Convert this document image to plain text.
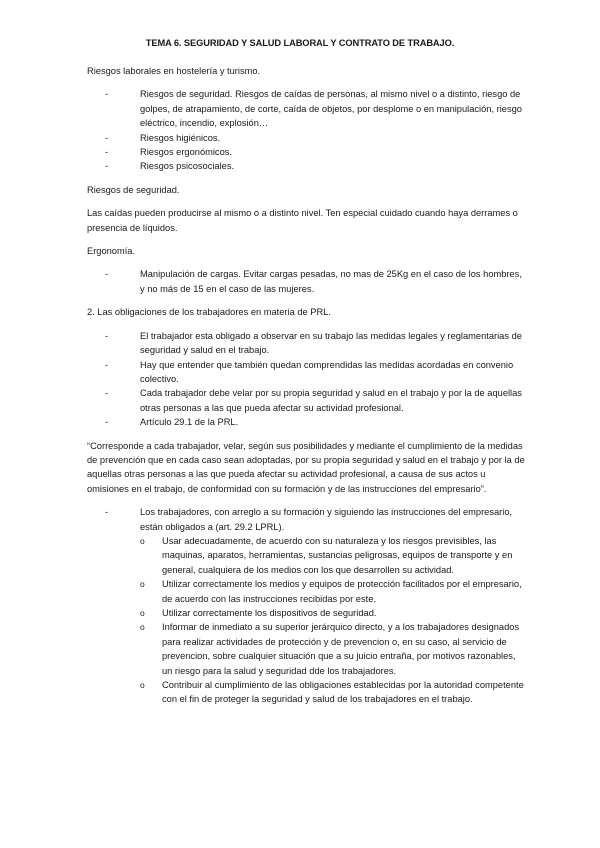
TEMA 6. SEGURIDAD Y SALUD LABORAL Y CONTRATO DE TRABAJO.

Riesgos laborales en hostelería y turismo.

- Riesgos de seguridad. Riesgos de caídas de personas, al mismo nivel o a distinto, riesgo de golpes, de atrapamiento, de corte, caída de objetos, por desplome o en manipulación, riesgo eléctrico, incendio, explosión…

- Riesgos higiénicos.

- Riesgos ergonómicos.

- Riesgos psicosociales.

Riesgos de seguridad.

Las caídas pueden producirse al mismo o a distinto nivel. Ten especial cuidado cuando haya derrames o presencia de líquidos.

Ergonomía.

- Manipulación de cargas. Evitar cargas pesadas, no mas de 25Kg en el caso de los hombres, y no más de 15 en el caso de las mujeres.

2. Las obligaciones de los trabajadores en materia de PRL.

- El trabajador esta obligado a observar en su trabajo las medidas legales y reglamentarias de seguridad y salud en el trabajo.

- Hay que entender que también quedan comprendidas las medidas acordadas en convenio colectivo.

- Cada trabajador debe velar por su propia seguridad y salud en el trabajo y por la de aquellas otras personas a las que pueda afectar su actividad profesional.

- Artículo 29.1 de la PRL.

“Corresponde a cada trabajador, velar, según sus posibilidades y mediante el cumplimiento de la medidas de prevención que en cada caso sean adoptadas, por su propia seguridad y salud en el trabajo y por la de aquellas otras personas a las que pueda afectar su actividad profesional, a causa de sus actos u omisiones en el trabajo, de conformidad con su formación y de las instrucciones del empresario”.

- Los trabajadores, con arreglo a su formación y siguiendo las instrucciones del empresario, están obligados a (art. 29.2 LPRL).

o Usar adecuadamente, de acuerdo con su naturaleza y los riesgos previsibles, las maquinas, aparatos, herramientas, sustancias peligrosas, equipos de transporte y en general, cualquiera de los medios con los que desarrollen su actividad.

o Utilizar correctamente los medios y equipos de protección facilitados por el empresario, de acuerdo con las instrucciones recibidas por este.

o Utilizar correctamente los dispositivos de seguridad.

o Informar de inmediato a su superior jerárquico directo, y a los trabajadores designados para realizar actividades de protección y de prevencion o, en su caso, al servicio de prevencion, sobre cualquier situación que a su juicio entraña, por motivos razonables, un riesgo para la salud y seguridad dde los trabajadores.

o Contribuir al cumplimiento de las obligaciones establecidas por la autoridad competente con el fin de proteger la seguridad y salud de los trabajadores en el trabajo.
